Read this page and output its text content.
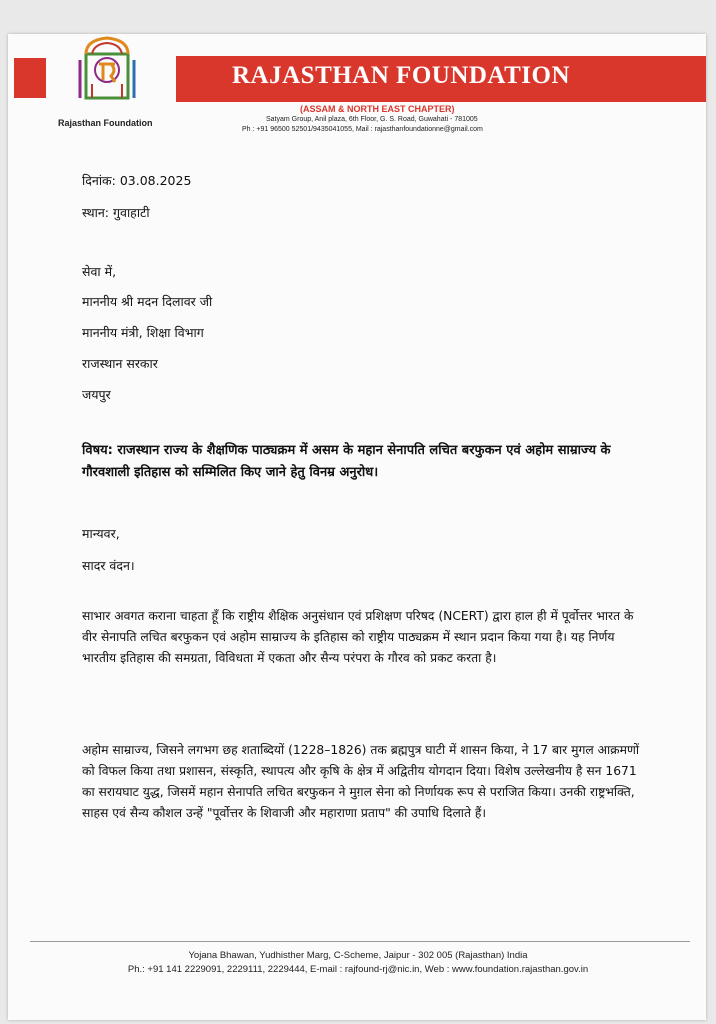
Rajasthan Foundation
RAJASTHAN FOUNDATION
(ASSAM & NORTH EAST CHAPTER)
Satyam Group, Anil plaza, 6th Floor, G. S. Road, Guwahati - 781005
Ph : +91 96500 52501/9435041055, Mail : rajasthanfoundationne@gmail.com
दिनांक: 03.08.2025
स्थान: गुवाहाटी
सेवा में,
माननीय श्री मदन दिलावर जी
माननीय मंत्री, शिक्षा विभाग
राजस्थान सरकार
जयपुर
विषय: राजस्थान राज्य के शैक्षणिक पाठ्यक्रम में असम के महान सेनापति लचित बरफुकन एवं अहोम साम्राज्य के गौरवशाली इतिहास को सम्मिलित किए जाने हेतु विनम्र अनुरोध।
मान्यवर,
सादर वंदन।
साभार अवगत कराना चाहता हूँ कि राष्ट्रीय शैक्षिक अनुसंधान एवं प्रशिक्षण परिषद (NCERT) द्वारा हाल ही में पूर्वोत्तर भारत के वीर सेनापति लचित बरफुकन एवं अहोम साम्राज्य के इतिहास को राष्ट्रीय पाठ्यक्रम में स्थान प्रदान किया गया है। यह निर्णय भारतीय इतिहास की समग्रता, विविधता में एकता और सैन्य परंपरा के गौरव को प्रकट करता है।
अहोम साम्राज्य, जिसने लगभग छह शताब्दियों (1228–1826) तक ब्रह्मपुत्र घाटी में शासन किया, ने 17 बार मुगल आक्रमणों को विफल किया तथा प्रशासन, संस्कृति, स्थापत्य और कृषि के क्षेत्र में अद्वितीय योगदान दिया। विशेष उल्लेखनीय है सन 1671 का सरायघाट युद्ध, जिसमें महान सेनापति लचित बरफुकन ने मुग़ल सेना को निर्णायक रूप से पराजित किया। उनकी राष्ट्रभक्ति, साहस एवं सैन्य कौशल उन्हें "पूर्वोत्तर के शिवाजी और महाराणा प्रताप" की उपाधि दिलाते हैं।
Yojana Bhawan, Yudhisther Marg, C-Scheme, Jaipur - 302 005 (Rajasthan) India
Ph.: +91 141 2229091, 2229111, 2229444, E-mail : rajfound-rj@nic.in, Web : www.foundation.rajasthan.gov.in
